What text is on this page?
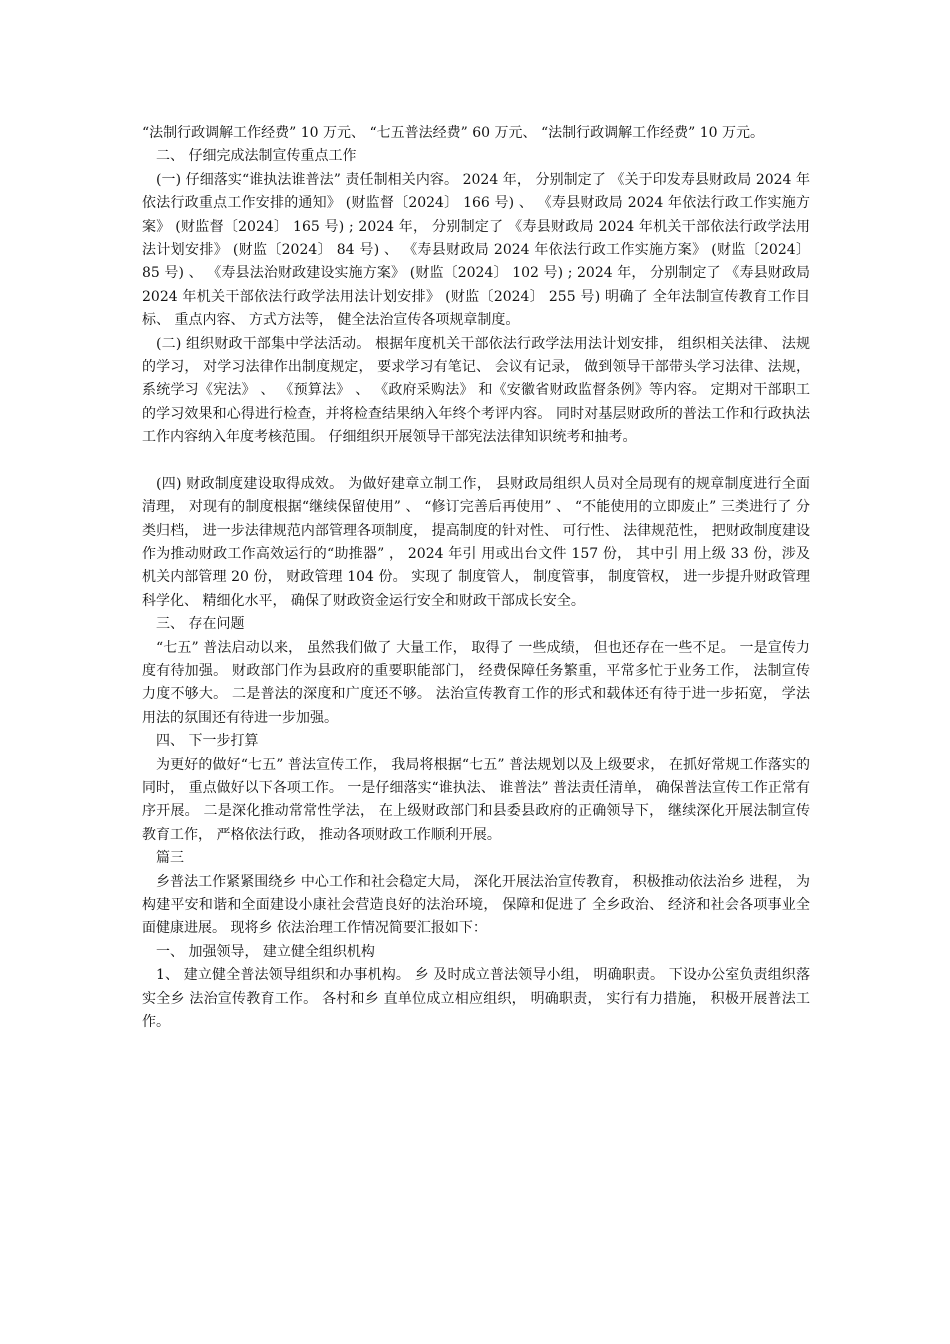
“法制行政调解工作经费” 10 万元、 “七五普法经费” 60 万元、 “法制行政调解工作经费” 10 万元。

二、 仔细完成法制宣传重点工作

(一) 仔细落实“谁执法谁普法” 责任制相关内容。 2024 年， 分别制定了 《关于印发寿县财政局 2024 年依法行政重点工作安排的通知》 (财监督〔2024〕 166 号) 、 《寿县财政局 2024 年依法行政工作实施方案》 (财监督〔2024〕 165 号) ; 2024 年， 分别制定了 《寿县财政局 2024 年机关干部依法行政学法用法计划安排》 (财监〔2024〕 84 号) 、 《寿县财政局 2024 年依法行政工作实施方案》 (财监〔2024〕85 号) 、 《寿县法治财政建设实施方案》 (财监〔2024〕 102 号) ; 2024 年， 分别制定了 《寿县财政局 2024 年机关干部依法行政学法用法计划安排》 (财监〔2024〕 255 号) 明确了 全年法制宣传教育工作目 标、 重点内容、 方式方法等， 健全法治宣传各项规章制度。

(二) 组织财政干部集中学法活动。 根据年度机关干部依法行政学法用法计划安排， 组织相关法律、 法规的学习， 对学习法律作出制度规定， 要求学习有笔记、 会议有记录， 做到领导干部带头学习法律、法规， 系统学习《宪法》 、 《预算法》 、 《政府采购法》 和《安徽省财政监督条例》等内容。 定期对干部职工的学习效果和心得进行检查，并将检查结果纳入年终个考评内容。 同时对基层财政所的普法工作和行政执法工作内容纳入年度考核范围。 仔细组织开展领导干部宪法法律知识统考和抽考。

(四) 财政制度建设取得成效。 为做好建章立制工作， 县财政局组织人员对全局现有的规章制度进行全面清理， 对现有的制度根据“继续保留使用” 、 “修订完善后再使用” 、 “不能使用的立即废止” 三类进行了 分类归档， 进一步法律规范内部管理各项制度， 提高制度的针对性、 可行性、 法律规范性， 把财政制度建设作为推动财政工作高效运行的“助推器” ， 2024 年引 用或出台文件 157 份， 其中引 用上级 33 份，涉及机关内部管理 20 份， 财政管理 104 份。 实现了 制度管人， 制度管事， 制度管权， 进一步提升财政管理科学化、 精细化水平， 确保了财政资金运行安全和财政干部成长安全。

三、 存在问题

“七五” 普法启动以来， 虽然我们做了 大量工作， 取得了 一些成绩， 但也还存在一些不足。 一是宣传力度有待加强。 财政部门作为县政府的重要职能部门， 经费保障任务繁重，平常多忙于业务工作， 法制宣传力度不够大。 二是普法的深度和广度还不够。 法治宣传教育工作的形式和载体还有待于进一步拓宽， 学法用法的氛围还有待进一步加强。

四、 下一步打算

为更好的做好“七五” 普法宣传工作， 我局将根据“七五” 普法规划以及上级要求， 在抓好常规工作落实的同时， 重点做好以下各项工作。 一是仔细落实“谁执法、 谁普法” 普法责任清单， 确保普法宣传工作正常有序开展。 二是深化推动常常性学法， 在上级财政部门和县委县政府的正确领导下， 继续深化开展法制宣传教育工作， 严格依法行政， 推动各项财政工作顺利开展。

篇三

乡普法工作紧紧围绕乡 中心工作和社会稳定大局， 深化开展法治宣传教育， 积极推动依法治乡 进程， 为构建平安和谐和全面建设小康社会营造良好的法治环境， 保障和促进了 全乡政治、 经济和社会各项事业全面健康进展。 现将乡 依法治理工作情况简要汇报如下：

一、 加强领导， 建立健全组织机构

1、 建立健全普法领导组织和办事机构。 乡 及时成立普法领导小组， 明确职责。 下设办公室负责组织落实全乡 法治宣传教育工作。 各村和乡 直单位成立相应组织， 明确职责， 实行有力措施， 积极开展普法工作。
